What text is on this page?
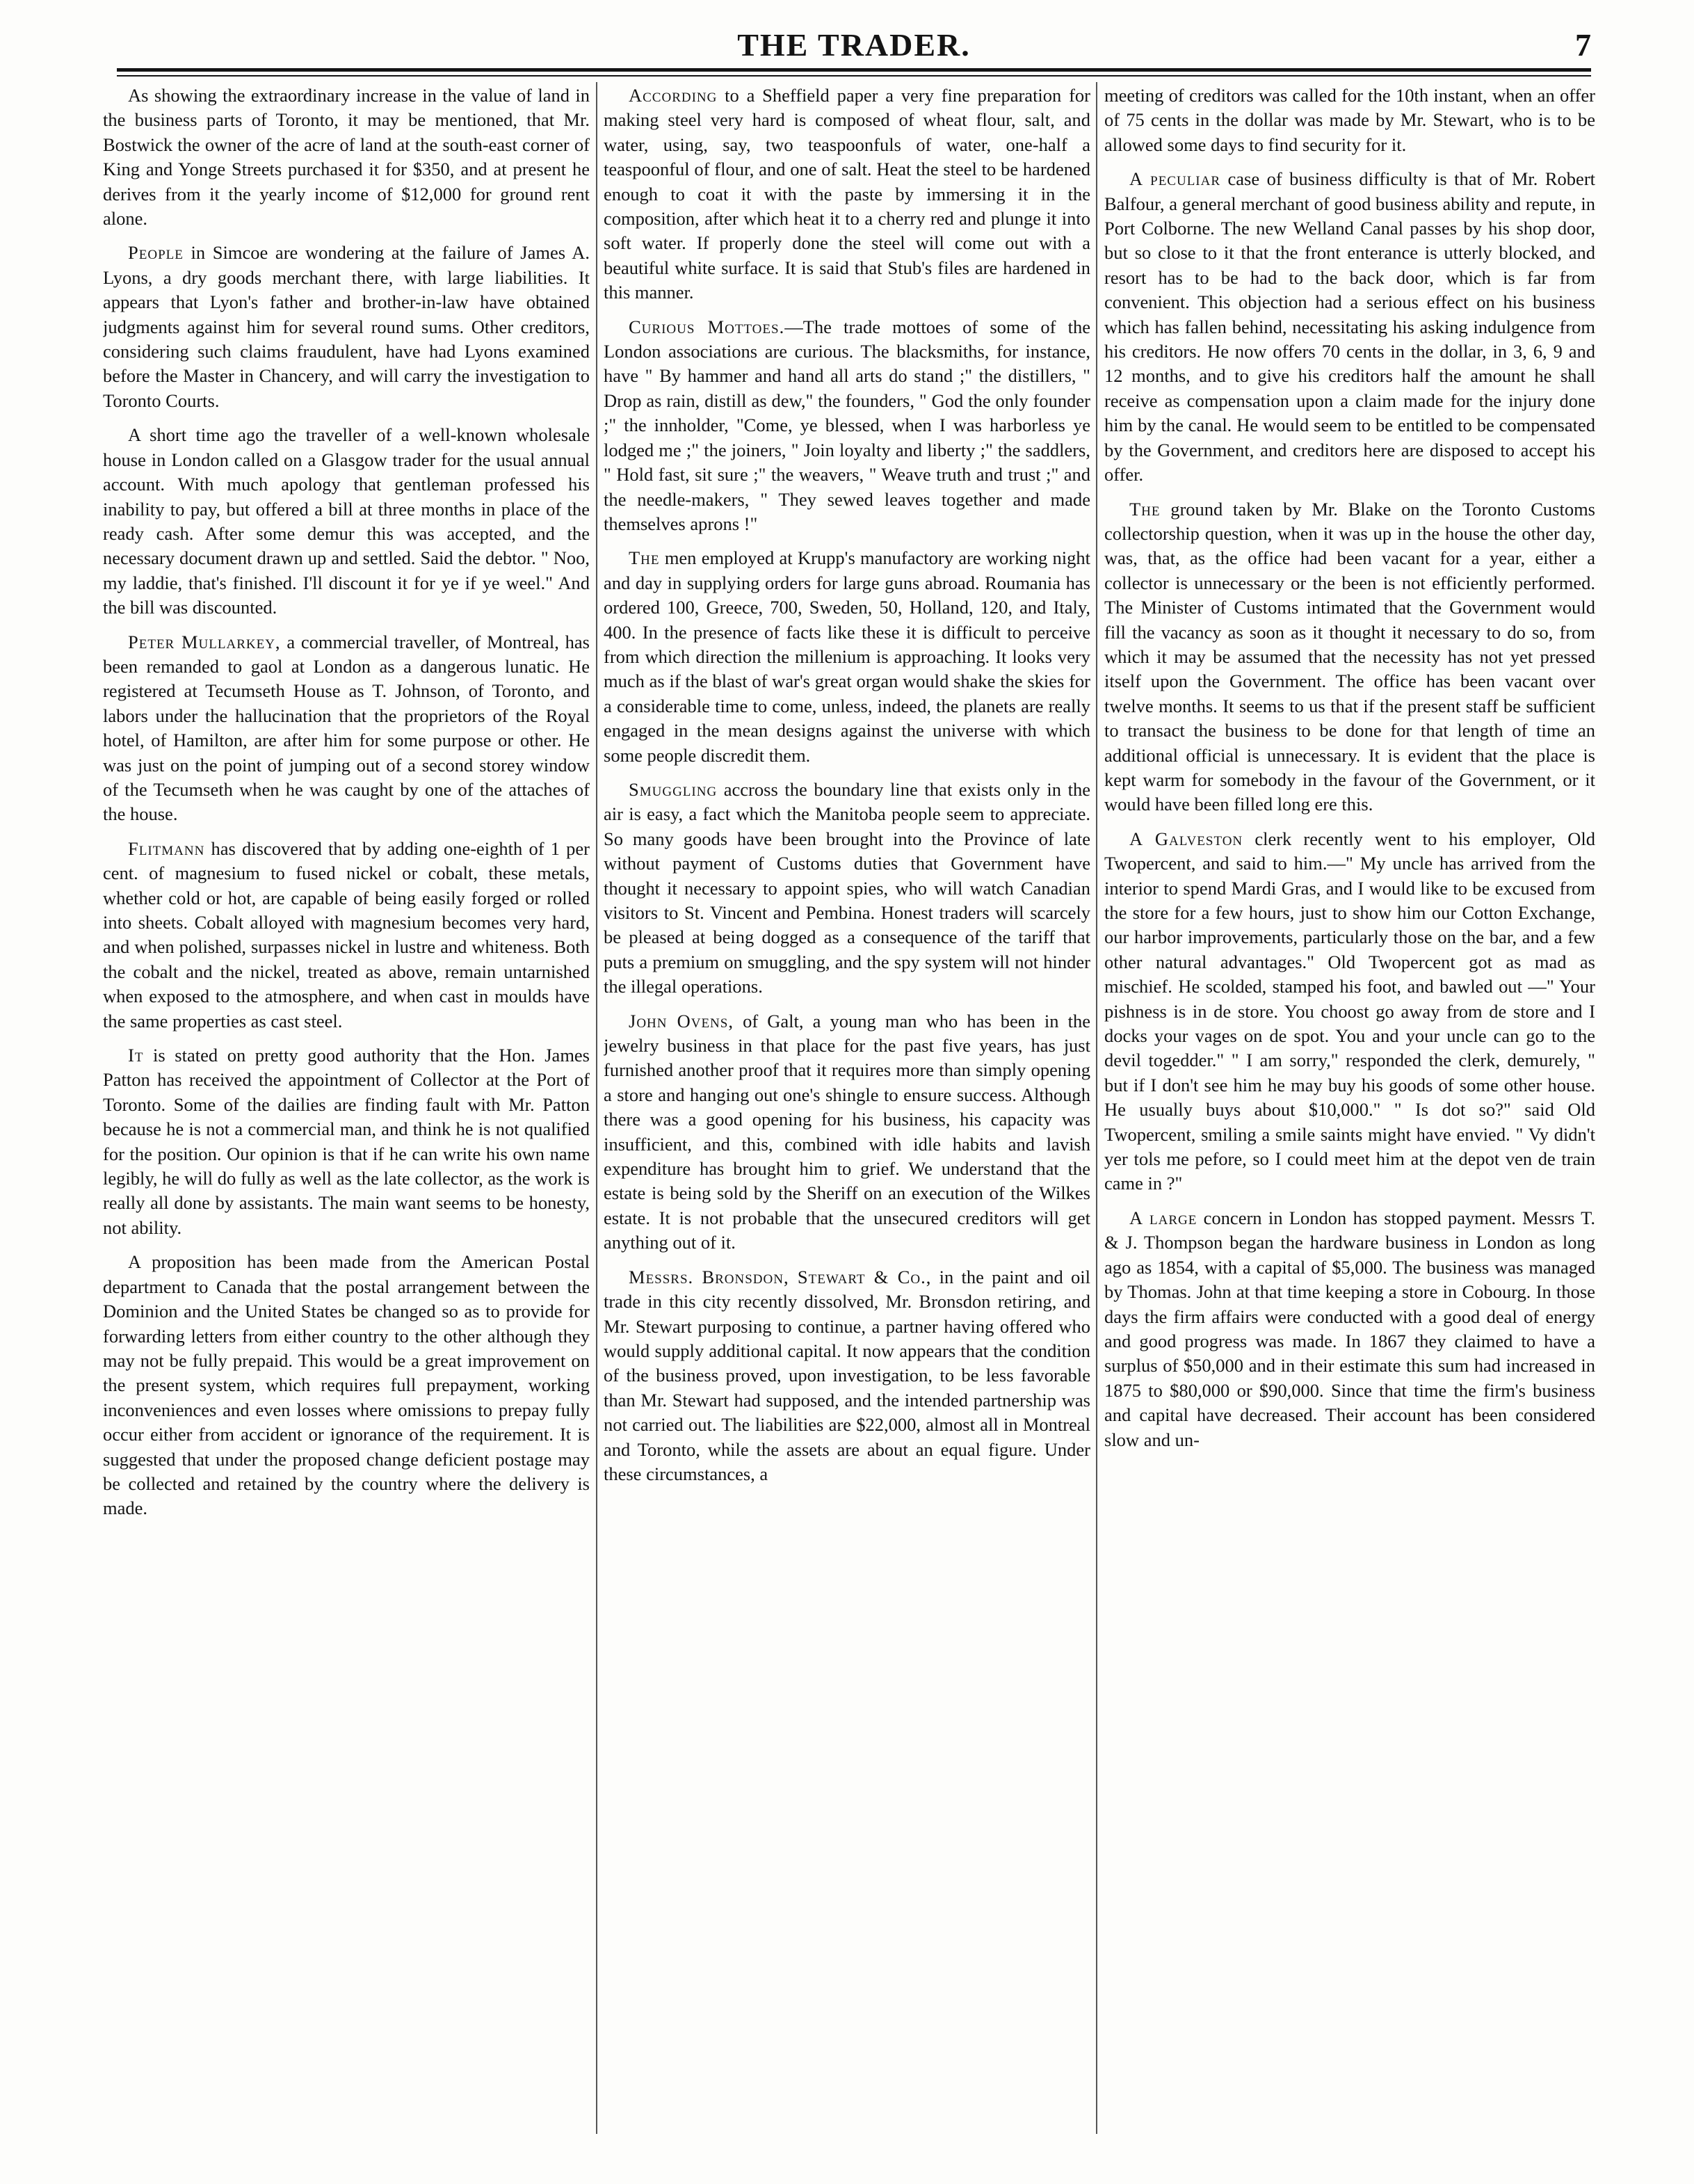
THE TRADER.	7

As showing the extraordinary increase in the value of land in the business parts of Toronto, it may be mentioned, that Mr. Bostwick the owner of the acre of land at the south-east corner of King and Yonge Streets purchased it for $350, and at present he derives from it the yearly income of $12,000 for ground rent alone.

People in Simcoe are wondering at the failure of James A. Lyons, a dry goods merchant there, with large liabilities. It appears that Lyon's father and brother-in-law have obtained judgments against him for several round sums. Other creditors, considering such claims fraudulent, have had Lyons examined before the Master in Chancery, and will carry the investigation to Toronto Courts.

A short time ago the traveller of a well-known wholesale house in London called on a Glasgow trader for the usual annual account. With much apology that gentleman professed his inability to pay, but offered a bill at three months in place of the ready cash. After some demur this was accepted, and the necessary document drawn up and settled. Said the debtor. " Noo, my laddie, that's finished. I'll discount it for ye if ye weel." And the bill was discounted.

Peter Mullarkey, a commercial traveller, of Montreal, has been remanded to gaol at London as a dangerous lunatic. He registered at Tecumseth House as T. Johnson, of Toronto, and labors under the hallucination that the proprietors of the Royal hotel, of Hamilton, are after him for some purpose or other. He was just on the point of jumping out of a second storey window of the Tecumseth when he was caught by one of the attaches of the house.

Flitmann has discovered that by adding one-eighth of 1 per cent. of magnesium to fused nickel or cobalt, these metals, whether cold or hot, are capable of being easily forged or rolled into sheets. Cobalt alloyed with magnesium becomes very hard, and when polished, surpasses nickel in lustre and whiteness. Both the cobalt and the nickel, treated as above, remain untarnished when exposed to the atmosphere, and when cast in moulds have the same properties as cast steel.

It is stated on pretty good authority that the Hon. James Patton has received the appointment of Collector at the Port of Toronto. Some of the dailies are finding fault with Mr. Patton because he is not a commercial man, and think he is not qualified for the position. Our opinion is that if he can write his own name legibly, he will do fully as well as the late collector, as the work is really all done by assistants. The main want seems to be honesty, not ability.

A proposition has been made from the American Postal department to Canada that the postal arrangement between the Dominion and the United States be changed so as to provide for forwarding letters from either country to the other although they may not be fully prepaid. This would be a great improvement on the present system, which requires full prepayment, working inconveniences and even losses where omissions to prepay fully occur either from accident or ignorance of the requirement. It is suggested that under the proposed change deficient postage may be collected and retained by the country where the delivery is made.

According to a Sheffield paper a very fine preparation for making steel very hard is composed of wheat flour, salt, and water, using, say, two teaspoonfuls of water, one-half a teaspoonful of flour, and one of salt. Heat the steel to be hardened enough to coat it with the paste by immersing it in the composition, after which heat it to a cherry red and plunge it into soft water. If properly done the steel will come out with a beautiful white surface. It is said that Stub's files are hardened in this manner.

Curious Mottoes.—The trade mottoes of some of the London associations are curious. The blacksmiths, for instance, have " By hammer and hand all arts do stand ;" the distillers, " Drop as rain, distill as dew," the founders, " God the only founder ;" the innholder, "Come, ye blessed, when I was harborless ye lodged me ;" the joiners, " Join loyalty and liberty ;" the saddlers, " Hold fast, sit sure ;" the weavers, " Weave truth and trust ;" and the needle-makers, " They sewed leaves together and made themselves aprons !"

The men employed at Krupp's manufactory are working night and day in supplying orders for large guns abroad. Roumania has ordered 100, Greece, 700, Sweden, 50, Holland, 120, and Italy, 400. In the presence of facts like these it is difficult to perceive from which direction the millenium is approaching. It looks very much as if the blast of war's great organ would shake the skies for a considerable time to come, unless, indeed, the planets are really engaged in the mean designs against the universe with which some people discredit them.

Smuggling accross the boundary line that exists only in the air is easy, a fact which the Manitoba people seem to appreciate. So many goods have been brought into the Province of late without payment of Customs duties that Government have thought it necessary to appoint spies, who will watch Canadian visitors to St. Vincent and Pembina. Honest traders will scarcely be pleased at being dogged as a consequence of the tariff that puts a premium on smuggling, and the spy system will not hinder the illegal operations.

John Ovens, of Galt, a young man who has been in the jewelry business in that place for the past five years, has just furnished another proof that it requires more than simply opening a store and hanging out one's shingle to ensure success. Although there was a good opening for his business, his capacity was insufficient, and this, combined with idle habits and lavish expenditure has brought him to grief. We understand that the estate is being sold by the Sheriff on an execution of the Wilkes estate. It is not probable that the unsecured creditors will get anything out of it.

Messrs. Bronsdon, Stewart & Co., in the paint and oil trade in this city recently dissolved, Mr. Bronsdon retiring, and Mr. Stewart purposing to continue, a partner having offered who would supply additional capital. It now appears that the condition of the business proved, upon investigation, to be less favorable than Mr. Stewart had supposed, and the intended partnership was not carried out. The liabilities are $22,000, almost all in Montreal and Toronto, while the assets are about an equal figure. Under these circumstances, a

meeting of creditors was called for the 10th instant, when an offer of 75 cents in the dollar was made by Mr. Stewart, who is to be allowed some days to find security for it.

A peculiar case of business difficulty is that of Mr. Robert Balfour, a general merchant of good business ability and repute, in Port Colborne. The new Welland Canal passes by his shop door, but so close to it that the front enterance is utterly blocked, and resort has to be had to the back door, which is far from convenient. This objection had a serious effect on his business which has fallen behind, necessitating his asking indulgence from his creditors. He now offers 70 cents in the dollar, in 3, 6, 9 and 12 months, and to give his creditors half the amount he shall receive as compensation upon a claim made for the injury done him by the canal. He would seem to be entitled to be compensated by the Government, and creditors here are disposed to accept his offer.

The ground taken by Mr. Blake on the Toronto Customs collectorship question, when it was up in the house the other day, was, that, as the office had been vacant for a year, either a collector is unnecessary or the been is not efficiently performed. The Minister of Customs intimated that the Government would fill the vacancy as soon as it thought it necessary to do so, from which it may be assumed that the necessity has not yet pressed itself upon the Government. The office has been vacant over twelve months. It seems to us that if the present staff be sufficient to transact the business to be done for that length of time an additional official is unnecessary. It is evident that the place is kept warm for somebody in the favour of the Government, or it would have been filled long ere this.

A Galveston clerk recently went to his employer, Old Twopercent, and said to him.—" My uncle has arrived from the interior to spend Mardi Gras, and I would like to be excused from the store for a few hours, just to show him our Cotton Exchange, our harbor improvements, particularly those on the bar, and a few other natural advantages." Old Twopercent got as mad as mischief. He scolded, stamped his foot, and bawled out —" Your pishness is in de store. You choost go away from de store and I docks your vages on de spot. You and your uncle can go to the devil togedder." " I am sorry," responded the clerk, demurely, " but if I don't see him he may buy his goods of some other house. He usually buys about $10,000." " Is dot so?" said Old Twopercent, smiling a smile saints might have envied. " Vy didn't yer tols me pefore, so I could meet him at the depot ven de train came in ?"

A large concern in London has stopped payment. Messrs T. & J. Thompson began the hardware business in London as long ago as 1854, with a capital of $5,000. The business was managed by Thomas. John at that time keeping a store in Cobourg. In those days the firm affairs were conducted with a good deal of energy and good progress was made. In 1867 they claimed to have a surplus of $50,000 and in their estimate this sum had increased in 1875 to $80,000 or $90,000. Since that time the firm's business and capital have decreased. Their account has been considered slow and un-
